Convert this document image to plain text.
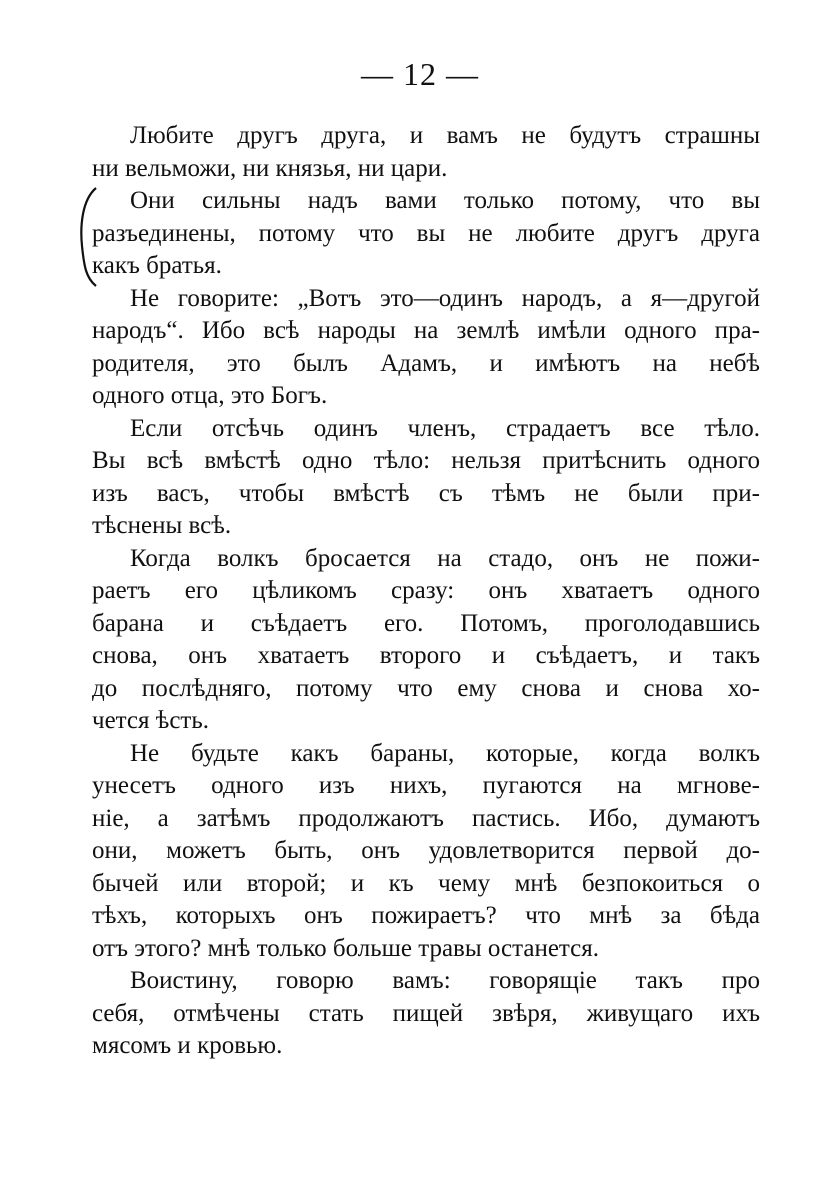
— 12 —
Любите другъ друга, и вамъ не будутъ страшны
ни вельможи, ни князья, ни цари.
Они сильны надъ вами только потому, что вы
разъединены, потому что вы не любите другъ друга
какъ братья.
Не говорите: „Вотъ это—одинъ народъ, а я—другой
народъ“. Ибо всѣ народы на землѣ имѣли одного пра-
родителя, это былъ Адамъ, и имѣютъ на небѣ
одного отца, это Богъ.
Если отсѣчь одинъ членъ, страдаетъ все тѣло.
Вы всѣ вмѣстѣ одно тѣло: нельзя притѣснить одного
изъ васъ, чтобы вмѣстѣ съ тѣмъ не были при-
тѣснены всѣ.
Когда волкъ бросается на стадо, онъ не пожи-
раетъ его цѣликомъ сразу: онъ хватаетъ одного
барана и съѣдаетъ его. Потомъ, проголодавшись
снова, онъ хватаетъ второго и съѣдаетъ, и такъ
до послѣдняго, потому что ему снова и снова хо-
чется ѣсть.
Не будьте какъ бараны, которые, когда волкъ
унесетъ одного изъ нихъ, пугаются на мгнове-
ніе, а затѣмъ продолжаютъ пастись. Ибо, думаютъ
они, можетъ быть, онъ удовлетворится первой до-
бычей или второй; и къ чему мнѣ безпокоиться о
тѣхъ, которыхъ онъ пожираетъ? что мнѣ за бѣда
отъ этого? мнѣ только больше травы останется.
Воистину, говорю вамъ: говорящіе такъ про
себя, отмѣчены стать пищей звѣря, живущаго ихъ
мясомъ и кровью.
